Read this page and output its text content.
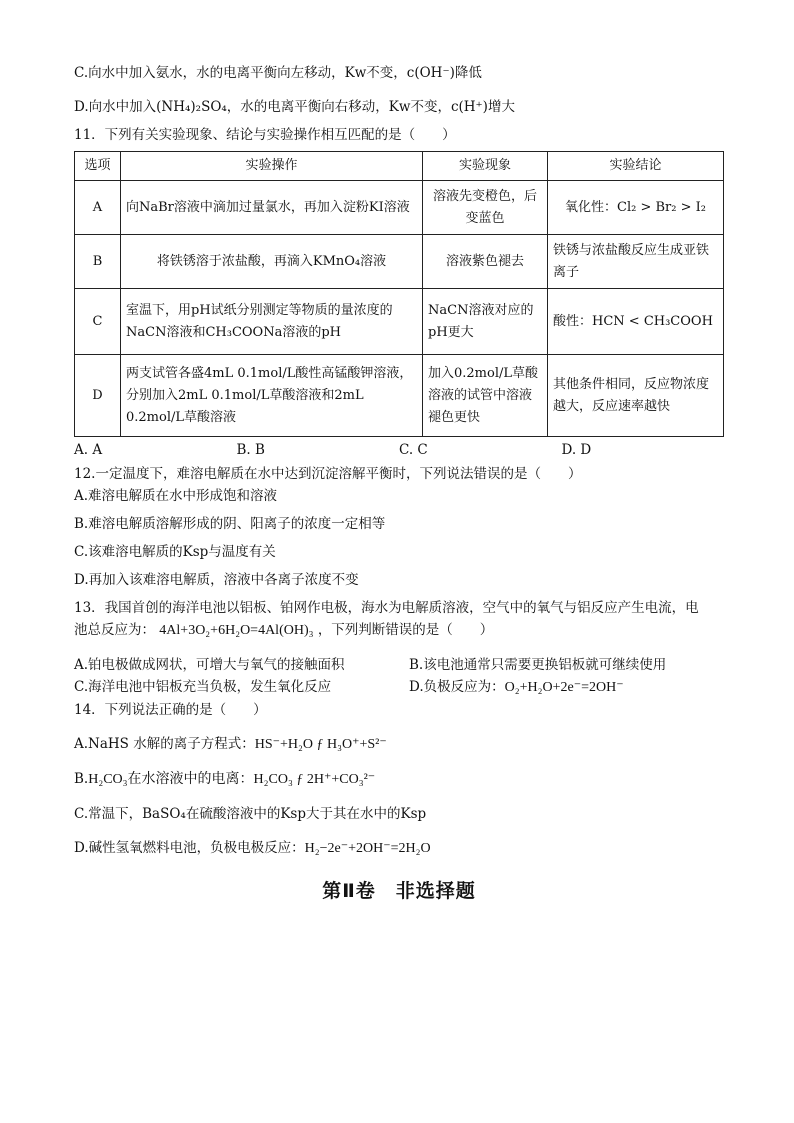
C.向水中加入氨水，水的电离平衡向左移动，Kw不变，c(OH⁻)降低

D.向水中加入(NH₄)₂SO₄，水的电离平衡向右移动，Kw不变，c(H⁺)增大

11．下列有关实验现象、结论与实验操作相互匹配的是（　　）

选项	实验操作	实验现象	实验结论
A	向NaBr溶液中滴加过量氯水，再加入淀粉KI溶液	溶液先变橙色，后变蓝色	氧化性：Cl₂ > Br₂ > I₂
B	将铁锈溶于浓盐酸，再滴入KMnO₄溶液	溶液紫色褪去	铁锈与浓盐酸反应生成亚铁离子
C	室温下，用pH试纸分别测定等物质的量浓度的NaCN溶液和CH₃COONa溶液的pH	NaCN溶液对应的pH更大	酸性：HCN < CH₃COOH
D	两支试管各盛4mL 0.1mol/L酸性高锰酸钾溶液，分别加入2mL 0.1mol/L草酸溶液和2mL 0.2mol/L草酸溶液	加入0.2mol/L草酸溶液的试管中溶液褪色更快	其他条件相同，反应物浓度越大，反应速率越快
A. A	B. B	C. C	D. D

12.一定温度下，难溶电解质在水中达到沉淀溶解平衡时，下列说法错误的是（　　）

A.难溶电解质在水中形成饱和溶液

B.难溶电解质溶解形成的阴、阳离子的浓度一定相等

C.该难溶电解质的Ksp与温度有关

D.再加入该难溶电解质，溶液中各离子浓度不变

13．我国首创的海洋电池以铝板、铂网作电极，海水为电解质溶液，空气中的氧气与铝反应产生电流，电

池总反应为： 4Al+3O₂+6H₂O=4Al(OH)₃ ，下列判断错误的是（　　）

A.铂电极做成网状，可增大与氧气的接触面积	B.该电池通常只需要更换铝板就可继续使用
C.海洋电池中铝板充当负极，发生氧化反应	D.负极反应为：O₂+H₂O+2e⁻=2OH⁻

14．下列说法正确的是（　　）

A.NaHS 水解的离子方程式：HS⁻+H₂O ƒ H₃O⁺+S²⁻

B.H₂CO₃在水溶液中的电离：H₂CO₃ ƒ 2H⁺+CO₃²⁻

C.常温下，BaSO₄在硫酸溶液中的Ksp大于其在水中的Ksp

D.碱性氢氧燃料电池，负极电极反应：H₂−2e⁻+2OH⁻=2H₂O

第Ⅱ卷　非选择题
